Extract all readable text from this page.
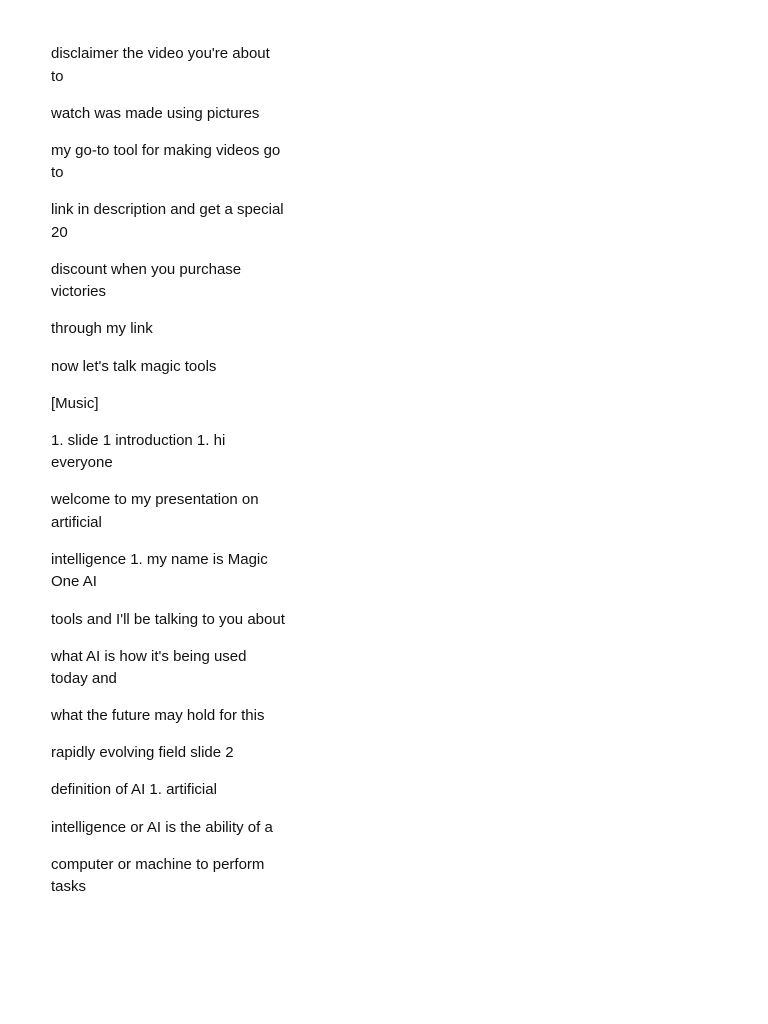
disclaimer the video you're about to
watch was made using pictures
my go-to tool for making videos go to
link in description and get a special 20
discount when you purchase victories
through my link
now let's talk magic tools
[Music]
1. slide 1 introduction 1. hi everyone
welcome to my presentation on artificial
intelligence 1. my name is Magic One AI
tools and I'll be talking to you about
what AI is how it's being used today and
what the future may hold for this
rapidly evolving field slide 2
definition of AI 1. artificial
intelligence or AI is the ability of a
computer or machine to perform tasks
